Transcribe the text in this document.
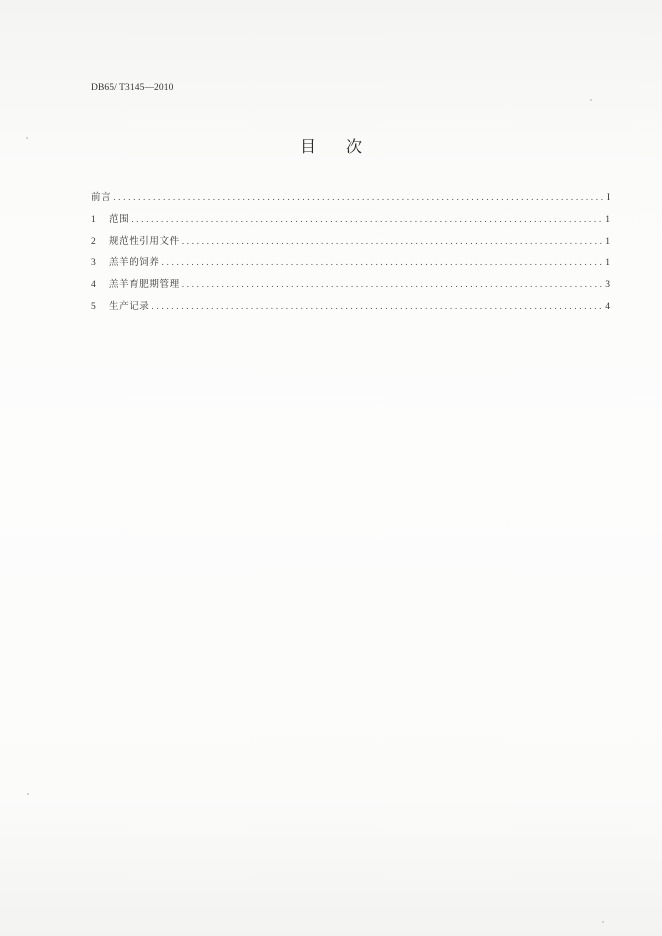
DB65/ T3145—2010
目 次
前言 .....	I
1	范围 .....	1
2	规范性引用文件 .....	1
3	羔羊的饲养 .....	1
4	羔羊育肥期管理 .....	3
5	生产记录 .....	4
